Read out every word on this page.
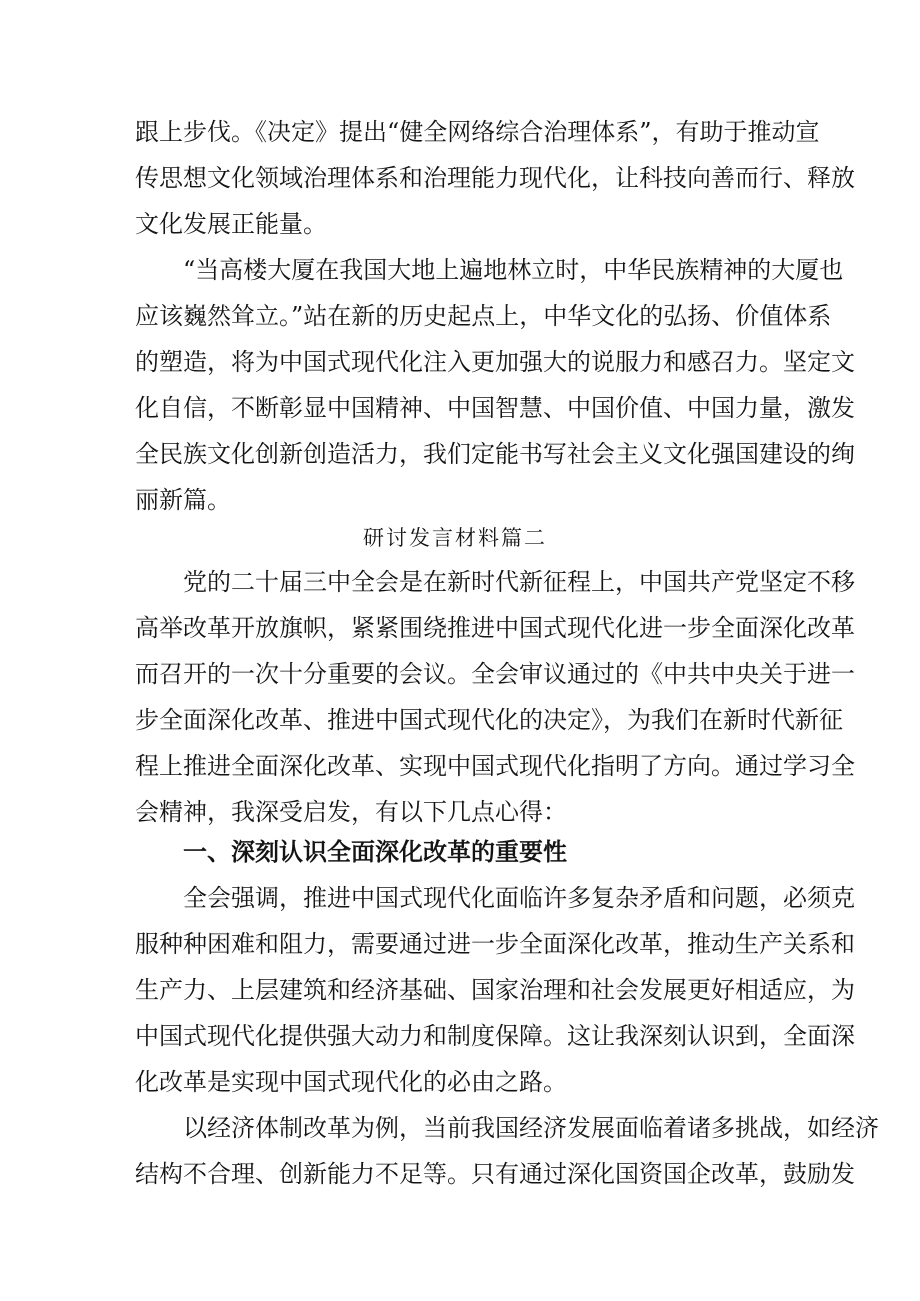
跟上步伐。《决定》提出“健全网络综合治理体系”，有助于推动宣
传思想文化领域治理体系和治理能力现代化，让科技向善而行、释放
文化发展正能量。
“当高楼大厦在我国大地上遍地林立时，中华民族精神的大厦也
应该巍然耸立。”站在新的历史起点上，中华文化的弘扬、价值体系
的塑造，将为中国式现代化注入更加强大的说服力和感召力。坚定文
化自信，不断彰显中国精神、中国智慧、中国价值、中国力量，激发
全民族文化创新创造活力，我们定能书写社会主义文化强国建设的绚
丽新篇。
研讨发言材料篇二
党的二十届三中全会是在新时代新征程上，中国共产党坚定不移
高举改革开放旗帜，紧紧围绕推进中国式现代化进一步全面深化改革
而召开的一次十分重要的会议。全会审议通过的《中共中央关于进一
步全面深化改革、推进中国式现代化的决定》，为我们在新时代新征
程上推进全面深化改革、实现中国式现代化指明了方向。通过学习全
会精神，我深受启发，有以下几点心得：
一、深刻认识全面深化改革的重要性
全会强调，推进中国式现代化面临许多复杂矛盾和问题，必须克
服种种困难和阻力，需要通过进一步全面深化改革，推动生产关系和
生产力、上层建筑和经济基础、国家治理和社会发展更好相适应，为
中国式现代化提供强大动力和制度保障。这让我深刻认识到，全面深
化改革是实现中国式现代化的必由之路。
以经济体制改革为例，当前我国经济发展面临着诸多挑战，如经济
结构不合理、创新能力不足等。只有通过深化国资国企改革，鼓励发
